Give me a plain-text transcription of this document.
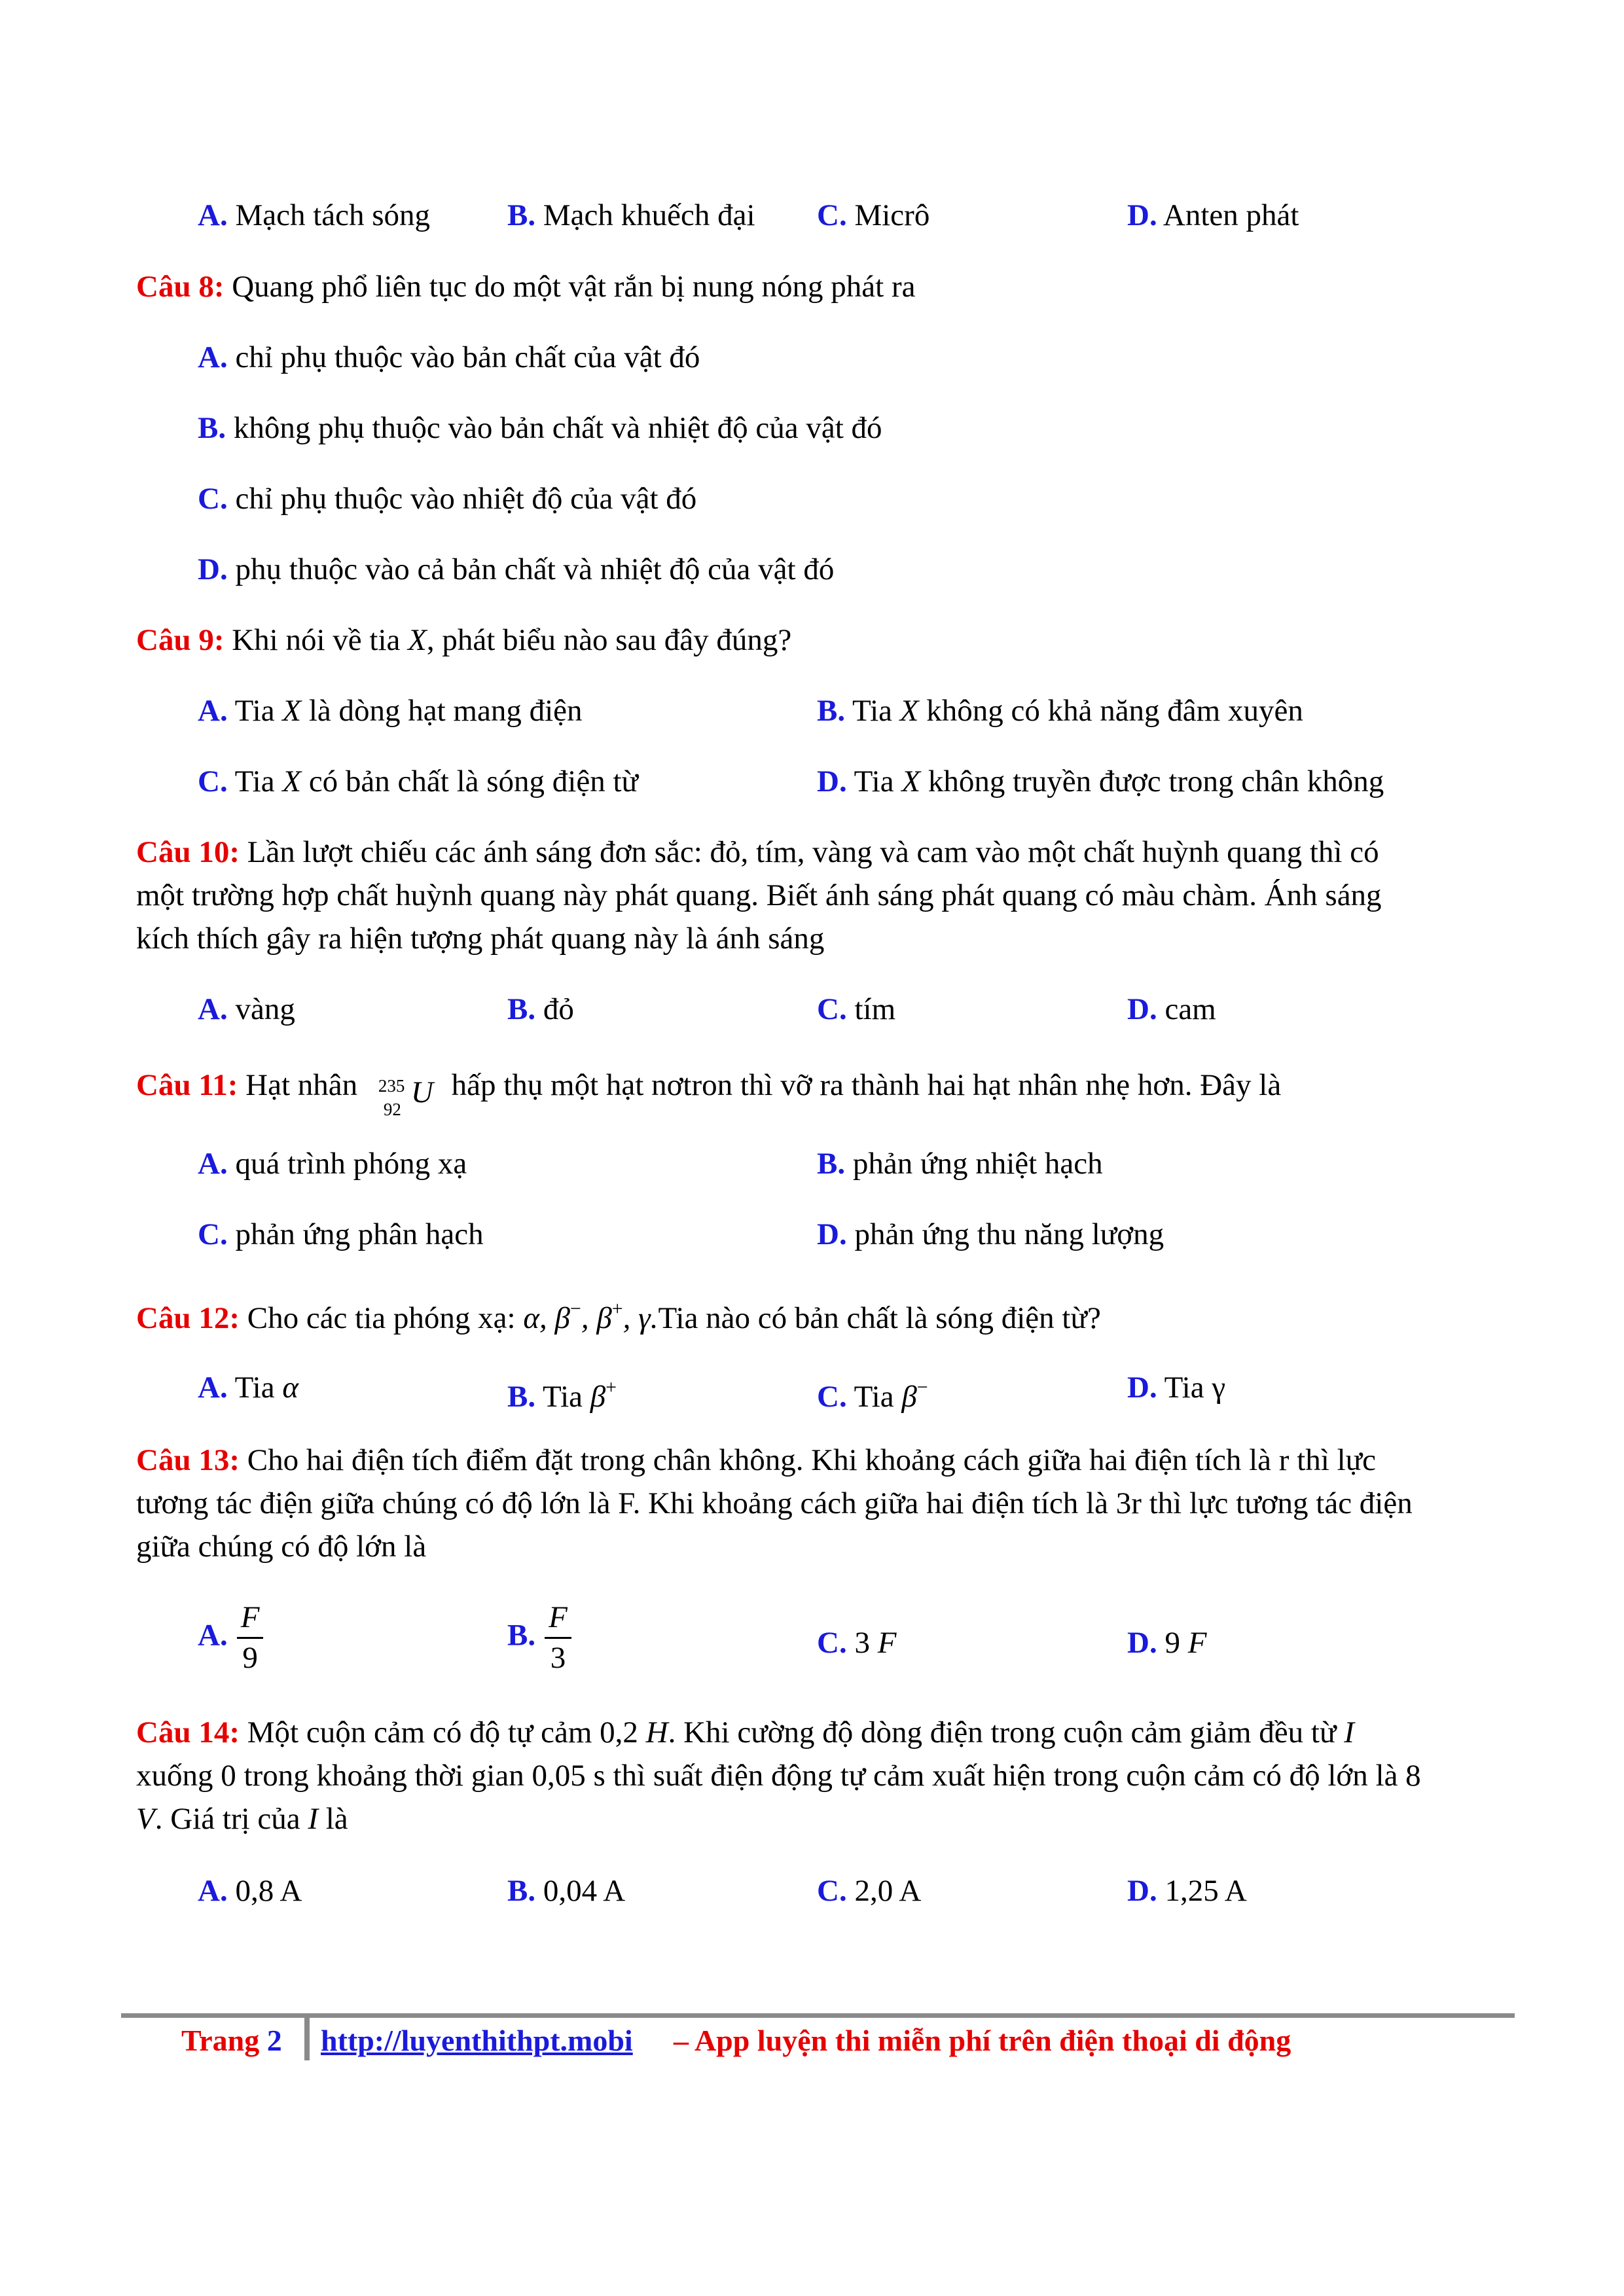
A. Mạch tách sóng	B. Mạch khuếch đại C. Micrô	D. Anten phát
Câu 8: Quang phổ liên tục do một vật rắn bị nung nóng phát ra
A. chỉ phụ thuộc vào bản chất của vật đó
B. không phụ thuộc vào bản chất và nhiệt độ của vật đó
C. chỉ phụ thuộc vào nhiệt độ của vật đó
D. phụ thuộc vào cả bản chất và nhiệt độ của vật đó
Câu 9: Khi nói về tia X, phát biểu nào sau đây đúng?
A. Tia X là dòng hạt mang điện	B. Tia X không có khả năng đâm xuyên
C. Tia X có bản chất là sóng điện từ	D. Tia X không truyền được trong chân không
Câu 10: Lần lượt chiếu các ánh sáng đơn sắc: đỏ, tím, vàng và cam vào một chất huỳnh quang thì có
một trường hợp chất huỳnh quang này phát quang. Biết ánh sáng phát quang có màu chàm. Ánh sáng
kích thích gây ra hiện tượng phát quang này là ánh sáng
A. vàng	B. đỏ	C. tím	D. cam
Câu 11: Hạt nhân 235
92 U hấp thụ một hạt nơtron thì vỡ ra thành hai hạt nhân nhẹ hơn. Đây là
A. quá trình phóng xạ	B. phản ứng nhiệt hạch
C. phản ứng phân hạch	D. phản ứng thu năng lượng
Câu 12: Cho các tia phóng xạ: α, β−, β+, γ.Tia nào có bản chất là sóng điện từ?
A. Tia α	B. Tia β+	C. Tia β−	D. Tia γ
Câu 13: Cho hai điện tích điểm đặt trong chân không. Khi khoảng cách giữa hai điện tích là r thì lực
tương tác điện giữa chúng có độ lớn là F. Khi khoảng cách giữa hai điện tích là 3r thì lực tương tác điện
giữa chúng có độ lớn là
A. $\frac{F}{9}$	B. $\frac{F}{3}$	C. 3 F	D. 9 F
Câu 14: Một cuộn cảm có độ tự cảm 0,2 H. Khi cường độ dòng điện trong cuộn cảm giảm đều từ I
xuống 0 trong khoảng thời gian 0,05 s thì suất điện động tự cảm xuất hiện trong cuộn cảm có độ lớn là 8
V. Giá trị của I là
A. 0,8 A	B. 0,04 A	C. 2,0 A	D. 1,25 A
Trang 2 http://luyenthithpt.mobi – App luyện thi miễn phí trên điện thoại di động
